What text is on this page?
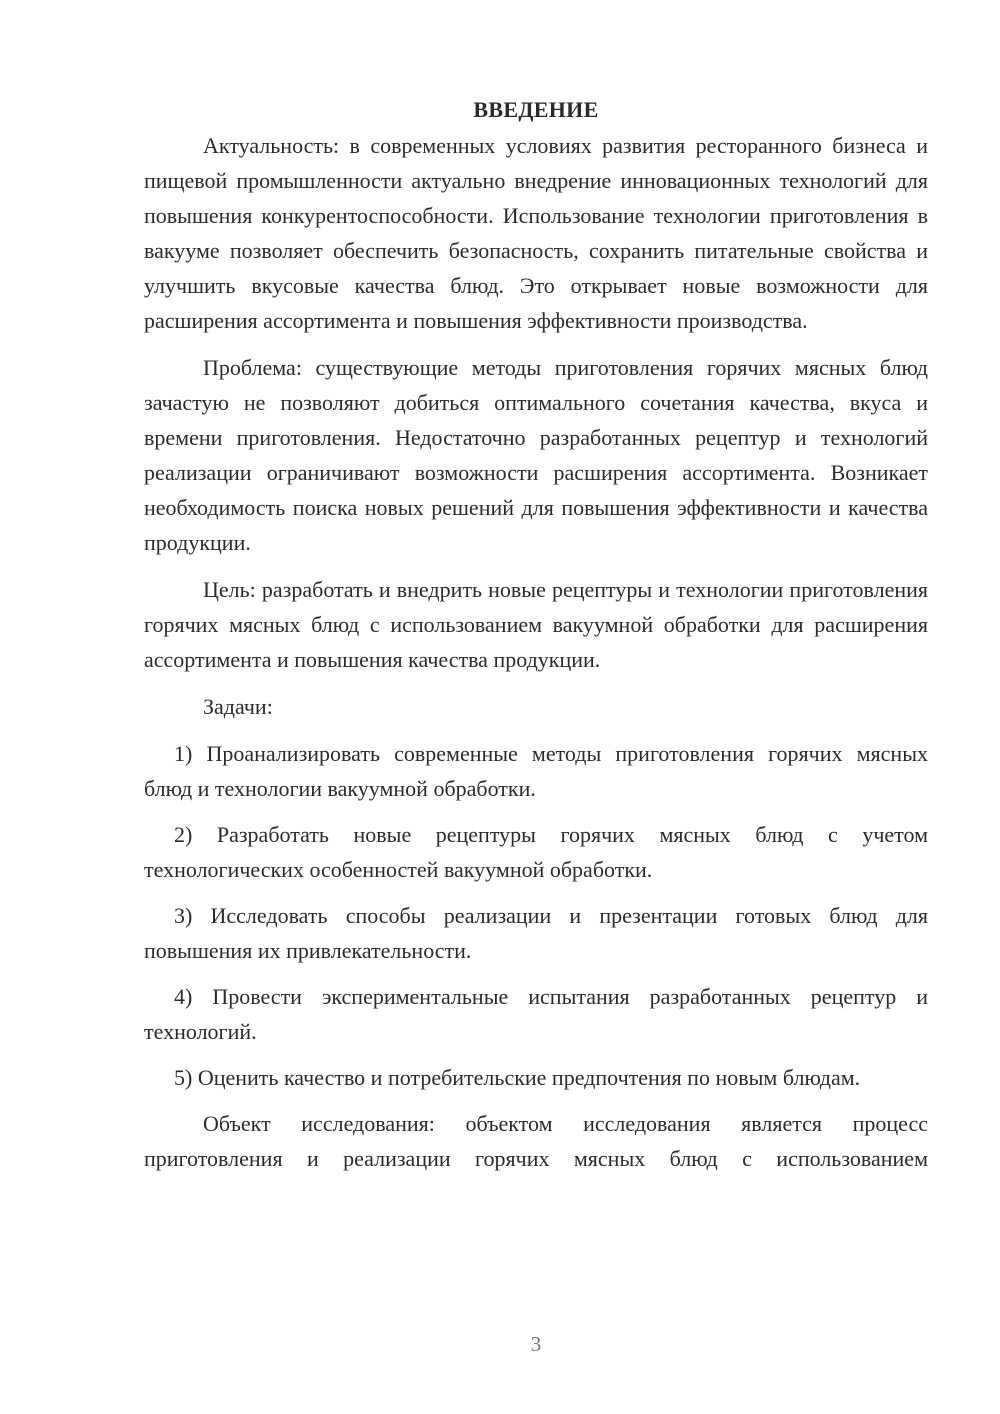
ВВЕДЕНИЕ

Актуальность: в современных условиях развития ресторанного бизнеса и пищевой промышленности актуально внедрение инновационных технологий для повышения конкурентоспособности. Использование технологии приготовления в вакууме позволяет обеспечить безопасность, сохранить питательные свойства и улучшить вкусовые качества блюд. Это открывает новые возможности для расширения ассортимента и повышения эффективности производства.

Проблема: существующие методы приготовления горячих мясных блюд зачастую не позволяют добиться оптимального сочетания качества, вкуса и времени приготовления. Недостаточно разработанных рецептур и технологий реализации ограничивают возможности расширения ассортимента. Возникает необходимость поиска новых решений для повышения эффективности и качества продукции.

Цель: разработать и внедрить новые рецептуры и технологии приготовления горячих мясных блюд с использованием вакуумной обработки для расширения ассортимента и повышения качества продукции.

Задачи:

1) Проанализировать современные методы приготовления горячих мясных блюд и технологии вакуумной обработки.

2) Разработать новые рецептуры горячих мясных блюд с учетом технологических особенностей вакуумной обработки.

3) Исследовать способы реализации и презентации готовых блюд для повышения их привлекательности.

4) Провести экспериментальные испытания разработанных рецептур и технологий.

5) Оценить качество и потребительские предпочтения по новым блюдам.

Объект исследования: объектом исследования является процесс приготовления и реализации горячих мясных блюд с использованием

3
